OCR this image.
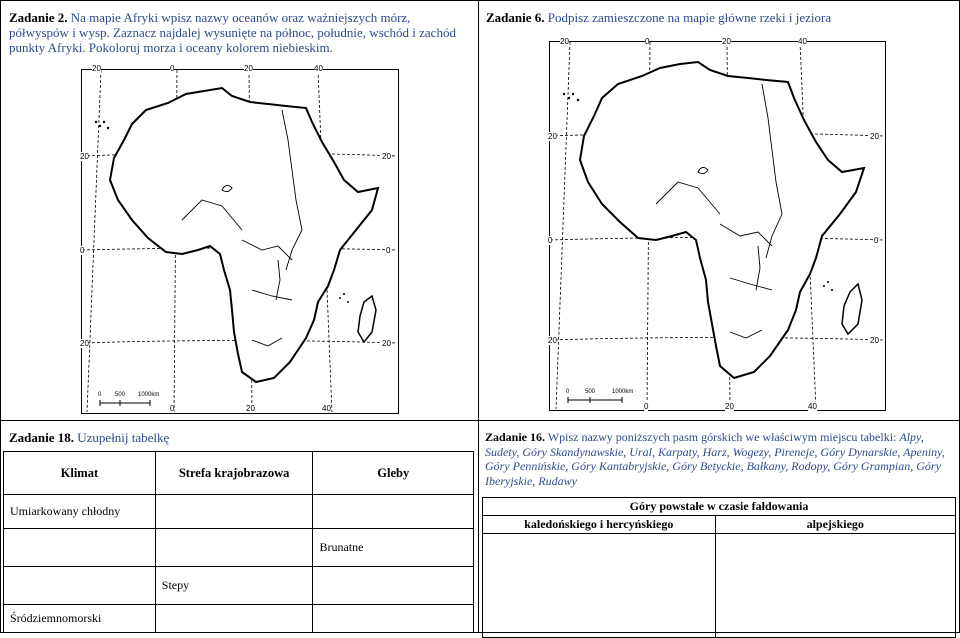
Zadanie 2. Na mapie Afryki wpisz nazwy oceanów oraz ważniejszych mórz, półwyspów i wysp. Zaznacz najdalej wysunięte na północ, południe, wschód i zachód punkty Afryki. Pokoloruj morza i oceany kolorem niebieskim.
20	0	20	40
20
0
20
20
0
20
0	20	40
0 500 1000km
Zadanie 6. Podpisz zamieszczone na mapie główne rzeki i jeziora
20	0	20	40
20
0
20
20
0
20
0	20	40
0	500	1000km
Zadanie 18. Uzupełnij tabelkę
Klimat	Strefa krajobrazowa	Gleby
Umiarkowany chłodny		
		Brunatne
	Stepy	
Śródziemnomorski		
Zadanie 16. Wpisz nazwy poniższych pasm górskich we właściwym miejscu tabelki: Alpy, Sudety, Góry Skandynawskie, Ural, Karpaty, Harz, Wogezy, Pireneje, Góry Dynarskie, Apeniny, Góry Pennińskie, Góry Kantabryjskie, Góry Betyckie, Bałkany, Rodopy, Góry Grampian, Góry Iberyjskie, Rudawy
Góry powstałe w czasie fałdowania	
kaledońskiego i hercyńskiego	alpejskiego
